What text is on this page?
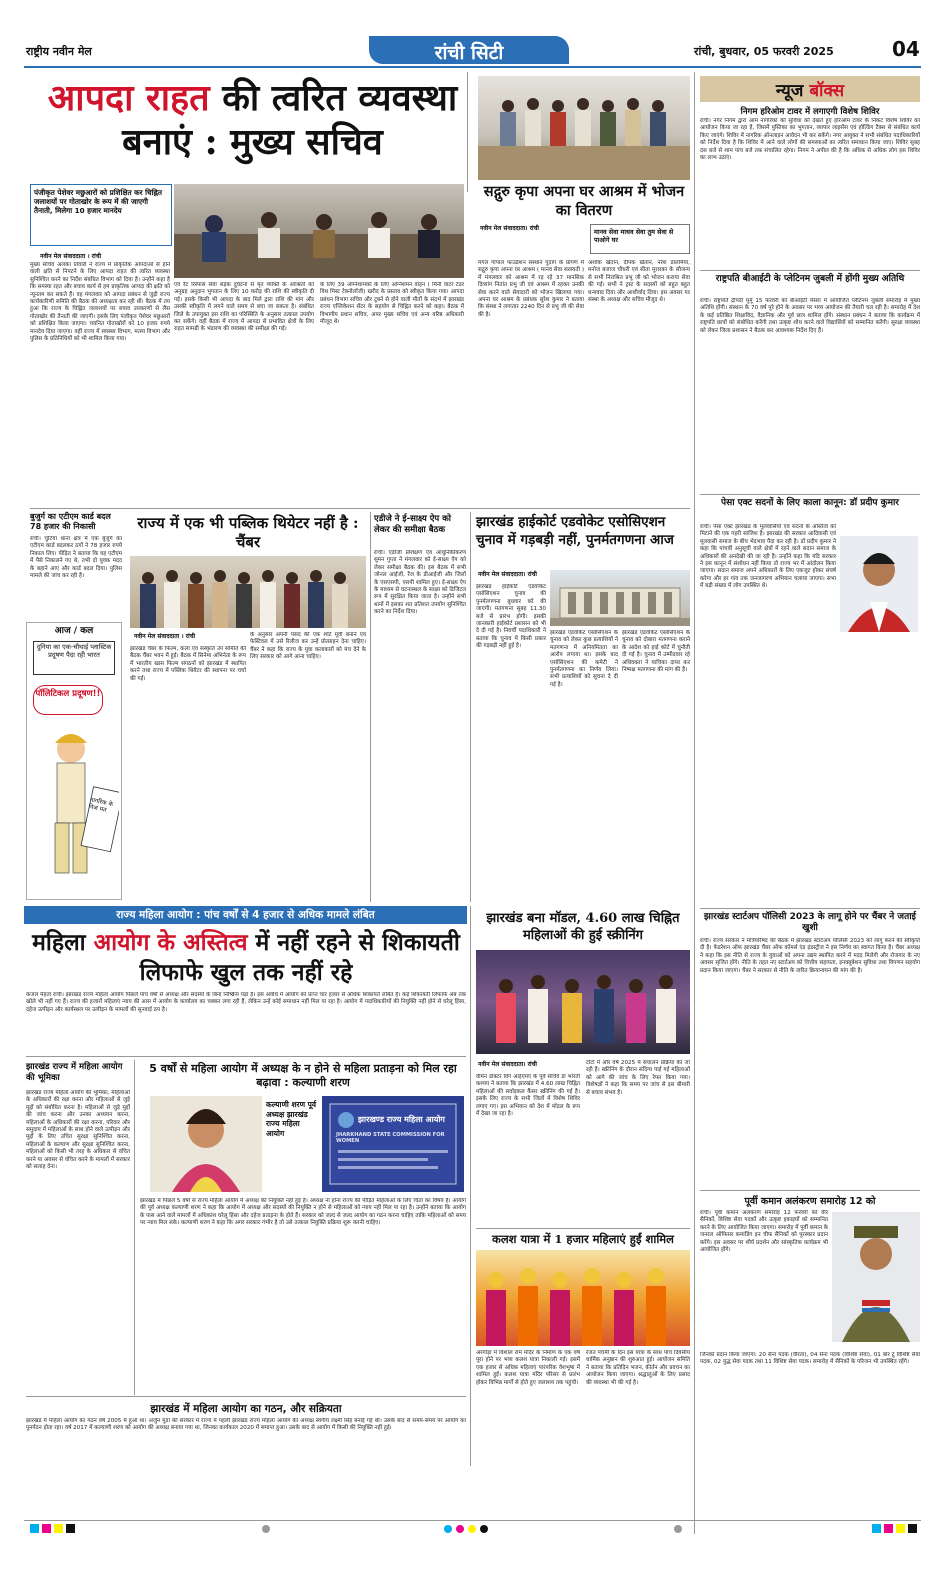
राष्ट्रीय नवीन मेल	रांची सिटी	रांची, बुधवार, 05 फरवरी 2025	04
आपदा राहत की त्वरित व्यवस्था बनाएं : मुख्य सचिव
पंजीकृत पेशेवर मछुआरों को प्रशिक्षित कर चिह्नित जलाशयों पर गोताखोर के रूप में की जाएगी तैनाती, मिलेगा 10 हजार मानदेय
नवीन मेल संवाददाता । रांची
मुख्य सचिव अलका तिवारी ने राज्य में प्राकृतिक आपदाओं से होने वाली क्षति से निपटने के लिए आपदा राहत की त्वरित व्यवस्था सुनिश्चित करने का निर्देश संबंधित विभाग को दिया है। उन्होंने कहा है कि समस्या रहत और बचाव कार्य से हम प्राकृतिक आपदा की क्षति को न्यूनतम कर सकते हैं। वह मंगलवार को आपदा प्रबंधन से जुड़ी राज्य कार्यकारिणी समिति की बैठक की अध्यक्षता कर रही थीं। बैठक में तय हुआ कि राज्य के चिह्नित जलाशयों पर बचाव उपकरणों से लैस गोताखोर की तैनाती की जाएगी। इसके लिए पंजीकृत पेशेवर मछुआरों को प्रशिक्षित किया जाएगा। चयनित गोताखोरों को 10 हजार रुपये मानदेय दिया जाएगा। वहीं राज्य में स्वास्थ्य विभाग, मत्स्य विभाग और पुलिस के प्रतिनिधियों को भी शामिल किया गया।
एवं रैट रिस्पांस सेवा सड़क दुर्घटना से मृत व्यक्ति के आश्रितों को अनुग्रह अनुदान भुगतान के लिए 10 करोड़ की राशि की स्वीकृति दी गई। इसके किसी भी आपदा के बाद मिले द्वारा राशि की मांग और उसकी स्वीकृति में लगने वाले समय से बचा जा सकता है। संबंधित जिले के उपायुक्त इस राशि का परिस्थिति के अनुसार तत्काल उपयोग कर सकेंगे। वहीं बैठक में राज्य में आपदा से प्रभावित क्षेत्रों के लिए राहत सामग्री के भंडारण की व्यवस्था की समीक्षा की गई।
के लिए 39 अग्निशामकों के लिए अग्निशमन वाहन ( मिनी वाटर टेंडर विथ मिस्ट टेक्नोलॉजी) खरीद के प्रस्ताव को स्वीकृत किया गया। आपदा प्रबंधन विभाग सचिव और टूबने से होने वाली मौतों के संदर्भ में झारखंड राज्य एप्लिकेशन सेंटर के सहयोग से चिह्नित करने को कहा। बैठक में विभागीय प्रधान सचिव, अपर मुख्य सचिव एवं अन्य वरिष्ठ अधिकारी मौजूद थे।
सद्गुरु कृपा अपना घर आश्रम में भोजन का वितरण
नवीन मेल संवाददाता। रांची	मानव सेवा माधव सेवा तुम सेवा से पाओगे घर
मंगल गोपाल फाउंडेशन संस्थान पुंदाग के प्रांगण में सद्गुरु कृपा अपना घर आश्रम ( मानव सेवा सरस्वती ) में मंगलवार को आश्रम में रह रहे 37 मानसिक दिव्यांग नितांत प्रभु जी एवं आश्रम में रहकर उनकी सेवा करने वाले सेवादारों को भोजन खिलाया गया। अपना घर आश्रम के प्रबंधक सुरेश कुमार ने बताया कि संस्था ने लगातार 2240 दिन से प्रभु जी की सेवा की है।
अशोक खेतान, दीपक खेतान, नरेश डालमिया, मनोज बजाज चौधरी एवं सीता मुरारका के सौजन्य से सभी निराश्रित प्रभु जी को भोजन कराया सेवा की गई। सभी ने ट्रस्ट के सदस्यों को बहुत बहुत धन्यवाद दिया और आशीर्वाद दिया। इस अवसर पर संस्था के अध्यक्ष और सचिव मौजूद थे।
बुजुर्ग का एटीएम कार्ड बदल 78 हजार की निकासी
रांची। चुटिया थाना क्षेत्र में एक बुजुर्ग का एटीएम कार्ड बदलकर ठगों ने 78 हजार रुपये निकाल लिए। पीड़ित ने बताया कि वह एटीएम में पैसे निकालने गए थे, तभी दो युवक मदद के बहाने आए और कार्ड बदल दिया। पुलिस मामले की जांच कर रही है।
आज / कल
दुनिया का एक-चौथाई प्लास्टिक प्रदूषण पैदा रही भारत
पॉलिटिकल प्रदूषण!!
नागरिक के निज मत
राज्य में एक भी पब्लिक थियेटर नहीं है : चैंबर
नवीन मेल संवाददाता । रांची
झारखंड चैंबर के फिल्म, कला एवं संस्कृति उप समिति की बैठक चैंबर भवन में हुई। बैठक में सिनेमा अभिनेता के रूप में भारतीय खास फिल्म संगठनों को झारखंड में स्थापित करने तथा राज्य में पब्लिक थियेटर की स्थापना पर चर्चा की गई।
के अनुसार अपनी पसंद की एक शॉर्ट मूवी बनाने एवं फेस्टिवल में उसे रिलीज कर उन्हें प्रोत्साहन देना चाहिए। चैंबर ने कहा कि राज्य के युवा कलाकारों को मंच देने के लिए सरकार को आगे आना चाहिए।
एडीजे ने ई-साक्ष्य ऐप को लेकर की समीक्षा बैठक
रांची। एडीजी प्रशिक्षण एवं आधुनिकीकरण सुमन गुप्ता ने मंगलवार को ई-साक्ष्य ऐप को लेकर समीक्षा बैठक की। इस बैठक में सभी जोनल आईजी, रेंज के डीआईजी और जिलों के एसएसपी, एसपी शामिल हुए। ई-साक्ष्य ऐप के माध्यम से घटनास्थल के साक्ष्य को डिजिटल रूप में सुरक्षित किया जाता है। उन्होंने सभी थानों में इसका शत प्रतिशत उपयोग सुनिश्चित करने का निर्देश दिया।
झारखंड हाईकोर्ट एडवोकेट एसोसिएशन चुनाव में गड़बड़ी नहीं, पुनर्मतगणना आज
नवीन मेल संवाददाता। रांची
झारखंड हाईकोर्ट एडवोकेट एसोसिएशन चुनाव की पुनर्मतगणना बुधवार को की जाएगी। मतगणना सुबह 11.30 बजे से प्रारंभ होगी। इसकी जानकारी हाईकोर्ट प्रशासन को भी दे दी गई है। निवर्ची पदाधिकारी ने बताया कि चुनाव में किसी प्रकार की गड़बड़ी नहीं हुई है।
झारखंड एडवोकेट एसोसिएशन के चुनाव को लेकर कुछ प्रत्याशियों ने मतगणना में अनियमितता का आरोप लगाया था। इसके बाद एसोसिएशन की कमेटी ने पुनर्मतगणना का निर्णय लिया। सभी प्रत्याशियों को सूचना दे दी गई है।
झारखंड एडवोकेट एसोसिएशन के चुनाव को दोबारा मतगणना कराने के आदेश को हाई कोर्ट में चुनौती दी गई है। चुनाव में उम्मीदवार रहे अधिवक्ता ने याचिका दायर कर निष्पक्ष मतगणना की मांग की है।
राज्य महिला आयोग : पांच वर्षों से 4 हजार से अधिक मामले लंबित
महिला आयोग के अस्तित्व में नहीं रहने से शिकायती लिफाफे खुल तक नहीं रहे
कजल मेहता रांची। झारखंड राज्य महिला आयोग पिछले पांच वर्षों से अध्यक्ष और सदस्यों के बिना निष्क्रिय पड़ा है। इस अवधि में आयोग को प्राप्त चार हजार से अधिक शिकायतें लंबित हैं। कई शिकायती लिफाफे अब तक खोले भी नहीं गए हैं। राज्य की हजारों महिलाएं न्याय की आस में आयोग के कार्यालय का चक्कर लगा रही हैं, लेकिन उन्हें कोई समाधान नहीं मिल पा रहा है। आयोग में पदाधिकारियों की नियुक्ति नहीं होने से घरेलू हिंसा, दहेज उत्पीड़न और कार्यस्थल पर उत्पीड़न के मामलों की सुनवाई ठप है।
झारखंड राज्य में महिला आयोग की भूमिका
झारखंड राज्य महिला आयोग की भूमिका, महिलाओं के अधिकारों की रक्षा करना और महिलाओं से जुड़े मुद्दों को संबोधित करना है। महिलाओं से जुड़े मुद्दों की जांच करना और उनका अध्ययन करना, महिलाओं के अधिकारों की रक्षा करना, परिवार और समुदाय में महिलाओं के साथ होने वाले उत्पीड़न और मुद्दों के लिए उचित सुरक्षा सुनिश्चित करना, महिलाओं के कल्याण और सुरक्षा सुनिश्चित करना, महिलाओं को किसी भी तरह के अधिकार से वंचित करने या अवसर से वंचित करने के मामलों में सरकार को सलाह देना।
5 वर्षों से महिला आयोग में अध्यक्ष के न होने से महिला प्रताड़ना को मिल रहा बढ़ावा : कल्याणी शरण
कल्याणी शरण पूर्व अध्यक्ष झारखंड राज्य महिला आयोग
झारखण्ड राज्य महिला आयोग
JHARKHAND STATE COMMISSION FOR WOMEN
झारखंड में पिछले 5 वर्षों से राज्य महिला आयोग में अध्यक्ष की नियुक्ति नहीं हुई है। अध्यक्ष ना होना राज्य की पीड़ित महिलाओं के लिए चिंता का विषय है। आयोग की पूर्व अध्यक्ष कल्याणी शरण ने कहा कि आयोग में अध्यक्ष और सदस्यों की नियुक्ति न होने से महिलाओं को न्याय नहीं मिल पा रहा है। उन्होंने बताया कि आयोग के पास आने वाले मामलों में अधिकांश घरेलू हिंसा और दहेज प्रताड़ना के होते हैं। सरकार को जल्द से जल्द आयोग का गठन करना चाहिए ताकि महिलाओं को समय पर न्याय मिल सके। कल्याणी शरण ने कहा कि अगर सरकार गंभीर है तो उसे तत्काल नियुक्ति प्रक्रिया शुरू करनी चाहिए।
झारखंड में महिला आयोग का गठन, और सक्रियता
झारखंड में महिला आयोग का गठन वर्ष 2005 में हुआ था। अर्जुन मुंडा की सरकार में राज्य में पहली झारखंड राज्य महिला आयोग की अध्यक्ष स्वर्गीय लक्ष्मी सिंह बनाई गई थीं। उसके बाद से समय-समय पर आयोग का पुनर्गठन होता रहा। वर्ष 2017 में कल्याणी शरण को आयोग की अध्यक्ष बनाया गया था, जिनका कार्यकाल 2020 में समाप्त हुआ। उसके बाद से आयोग में किसी की नियुक्ति नहीं हुई।
झारखंड बना मॉडल, 4.60 लाख चिह्नित महिलाओं की हुई स्क्रीनिंग
नवीन मेल संवाददाता। रांची
वीमेन डॉक्टर विंग आईएमए के पूर्व सचिव डॉ भारती कश्यप ने बताया कि झारखंड में 4.60 लाख चिह्नित महिलाओं की सर्वाइकल कैंसर स्क्रीनिंग की गई है। इसके लिए राज्य के सभी जिलों में विशेष शिविर लगाए गए। इस अभियान को देश में मॉडल के रूप में देखा जा रहा है।
टोटो में और वर्ष 2025 में संचालन प्रक्रिया की जा रही है। स्क्रीनिंग के दौरान संदिग्ध पाई गई महिलाओं को आगे की जांच के लिए रेफर किया गया। विशेषज्ञों ने कहा कि समय पर जांच से इस बीमारी से बचाव संभव है।
कलश यात्रा में 1 हजार महिलाएं हुईं शामिल
अरगोड़ा में विशाल राम मंदिर के निर्माण के एक वर्ष पूरा होने पर भव्य कलश यात्रा निकाली गई। इसमें एक हजार से अधिक महिलाएं पारंपरिक वेशभूषा में शामिल हुईं। कलश यात्रा मंदिर परिसर से प्रारंभ होकर विभिन्न मार्गों से होते हुए जलाशय तक पहुंची।
रजत पंचमी के दिन इस यात्रा के साथ पांच दिवसीय धार्मिक अनुष्ठान की शुरुआत हुई। आयोजन समिति ने बताया कि प्रतिदिन भजन, कीर्तन और प्रवचन का आयोजन किया जाएगा। श्रद्धालुओं के लिए प्रसाद की व्यवस्था भी की गई है।
न्यूज बॉक्स
निगम हरिओम टावर में लगाएगी विशेष शिविर
रांची। नगर निगम द्वारा आम नागरिकों की सुविधा को देखते हुए हरिओम टावर के निकट विशेष शिविर का आयोजन किया जा रहा है, जिसमें पुस्तिका का भुगतान, व्यापार लाइसेंस एवं होल्डिंग टैक्स से संबंधित कार्य किए जाएंगे। शिविर में नागरिक ऑनलाइन आवेदन भी कर सकेंगे। नगर आयुक्त ने सभी संबंधित पदाधिकारियों को निर्देश दिया है कि शिविर में आने वाले लोगों की समस्याओं का त्वरित समाधान किया जाए। शिविर सुबह दस बजे से शाम पांच बजे तक संचालित रहेगा। निगम ने अपील की है कि अधिक से अधिक लोग इस शिविर का लाभ उठाएं।
राष्ट्रपति बीआईटी के प्लेटिनम जुबली में होंगी मुख्य अतिथि
रांची। राष्ट्रपति द्रौपदी मुर्मू 15 फरवरी को बीआईटी मेसरा में आयोजित प्लेटिनम जुबली समारोह में मुख्य अतिथि होंगी। संस्थान के 70 वर्ष पूरे होने के अवसर पर भव्य आयोजन की तैयारी चल रही है। समारोह में देश के कई प्रतिष्ठित शिक्षाविद, वैज्ञानिक और पूर्व छात्र शामिल होंगे। संस्थान प्रबंधन ने बताया कि कार्यक्रम में राष्ट्रपति छात्रों को संबोधित करेंगी तथा उत्कृष्ट शोध करने वाले विद्यार्थियों को सम्मानित करेंगी। सुरक्षा व्यवस्था को लेकर जिला प्रशासन ने बैठक कर आवश्यक निर्देश दिए हैं।
पेसा एक्ट सदनों के लिए काला कानून: डॉ प्रदीप कुमार
रांची। पेसा एक्ट झारखंड के मूलवासियों एवं सदनों के अस्तित्व को मिटाने की एक गहरी साजिश है। झारखंड की सरकार आदिवासी एवं मूलवासी समाज के बीच भेदभाव पैदा कर रही है। डॉ प्रदीप कुमार ने कहा कि पांचवीं अनुसूची वाले क्षेत्रों में रहने वाले सदान समाज के अधिकारों की अनदेखी की जा रही है। उन्होंने कहा कि यदि सरकार ने इस कानून में संशोधन नहीं किया तो राज्य भर में आंदोलन किया जाएगा। सदान समाज अपने अधिकारों के लिए एकजुट होकर संघर्ष करेगा और हर गांव तक जनजागरण अभियान चलाया जाएगा। सभा में बड़ी संख्या में लोग उपस्थित थे।
झारखंड स्टार्टअप पॉलिसी 2023 के लागू होने पर चैंबर ने जताई खुशी
रांची। राज्य सरकार ने मंत्रिपरिषद की बैठक में झारखंड स्टार्टअप पॉलिसी 2023 को लागू करने की स्वीकृति दी है। फेडरेशन ऑफ झारखंड चैंबर ऑफ कॉमर्स एंड इंडस्ट्रीज ने इस निर्णय का स्वागत किया है। चैंबर अध्यक्ष ने कहा कि इस नीति से राज्य के युवाओं को अपना उद्यम स्थापित करने में मदद मिलेगी और रोजगार के नए अवसर सृजित होंगे। नीति के तहत नए स्टार्टअप को वित्तीय सहायता, इनक्यूबेशन सुविधा तथा विपणन सहयोग प्रदान किया जाएगा। चैंबर ने सरकार से नीति के त्वरित क्रियान्वयन की मांग की है।
पूर्वी कमान अलंकरण समारोह 12 को
रांची। पूर्वी कमान अलंकरण समारोह 12 फरवरी को वीर सैनिकों, विशिष्ट सेवा पदकों और उत्कृष्ट इकाइयों को सम्मानित करने के लिए आयोजित किया जाएगा। समारोह में पूर्वी कमान के जनरल ऑफिसर कमांडिंग इन चीफ सैनिकों को पुरस्कार प्रदान करेंगे। इस अवसर पर शौर्य प्रदर्शन और सांस्कृतिक कार्यक्रम भी आयोजित होंगे।
जिनको प्रदान किया जाएगा: 20 सेना पदक (वीरता), 04 सेना पदक (विशिष्ट सेवा), 01 बार टू विशिष्ट सेवा पदक, 02 युद्ध सेवा पदक तथा 11 विशिष्ट सेवा पदक। समारोह में सैनिकों के परिजन भी उपस्थित रहेंगे।
